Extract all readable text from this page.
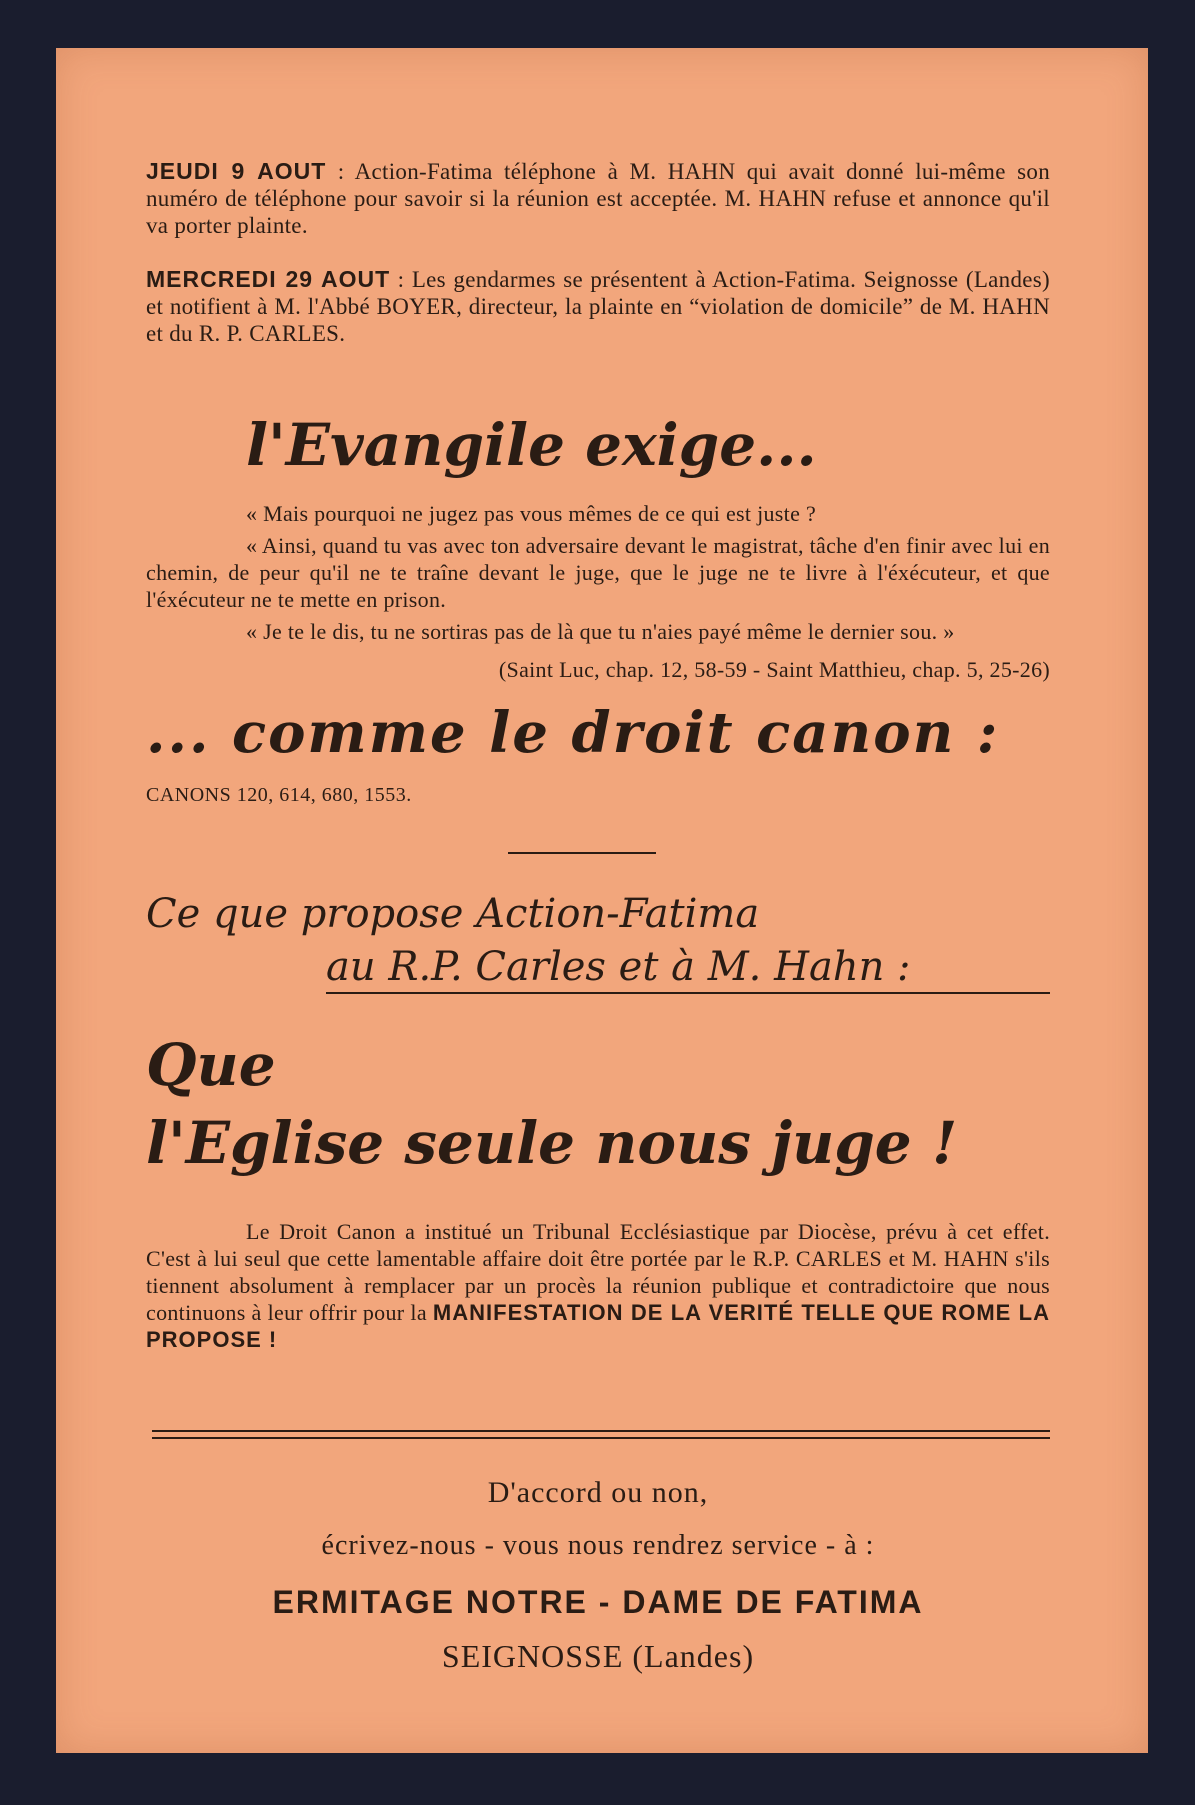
JEUDI 9 AOUT : Action-Fatima téléphone à M. HAHN qui avait donné lui-même son numéro de téléphone pour savoir si la réunion est acceptée. M. HAHN refuse et annonce qu'il va porter plainte.
MERCREDI 29 AOUT : Les gendarmes se présentent à Action-Fatima. Seignosse (Landes) et notifient à M. l'Abbé BOYER, directeur, la plainte en “violation de domicile” de M. HAHN et du R. P. CARLES.
l'Evangile exige...
« Mais pourquoi ne jugez pas vous mêmes de ce qui est juste ?
« Ainsi, quand tu vas avec ton adversaire devant le magistrat, tâche d'en finir avec lui en chemin, de peur qu'il ne te traîne devant le juge, que le juge ne te livre à l'éxécuteur, et que l'éxécuteur ne te mette en prison.
« Je te le dis, tu ne sortiras pas de là que tu n'aies payé même le dernier sou. »
(Saint Luc, chap. 12, 58-59 - Saint Matthieu, chap. 5, 25-26)
... comme le droit canon :
CANONS 120, 614, 680, 1553.
Ce que propose Action-Fatima
au R.P. Carles et à M. Hahn :
Que
l'Eglise seule nous juge !
Le Droit Canon a institué un Tribunal Ecclésiastique par Diocèse, prévu à cet effet. C'est à lui seul que cette lamentable affaire doit être portée par le R.P. CARLES et M. HAHN s'ils tiennent absolument à remplacer par un procès la réunion publique et contradictoire que nous continuons à leur offrir pour la MANIFESTATION DE LA VERITÉ TELLE QUE ROME LA PROPOSE !
D'accord ou non,
écrivez-nous - vous nous rendrez service - à :
ERMITAGE NOTRE - DAME DE FATIMA
SEIGNOSSE (Landes)
